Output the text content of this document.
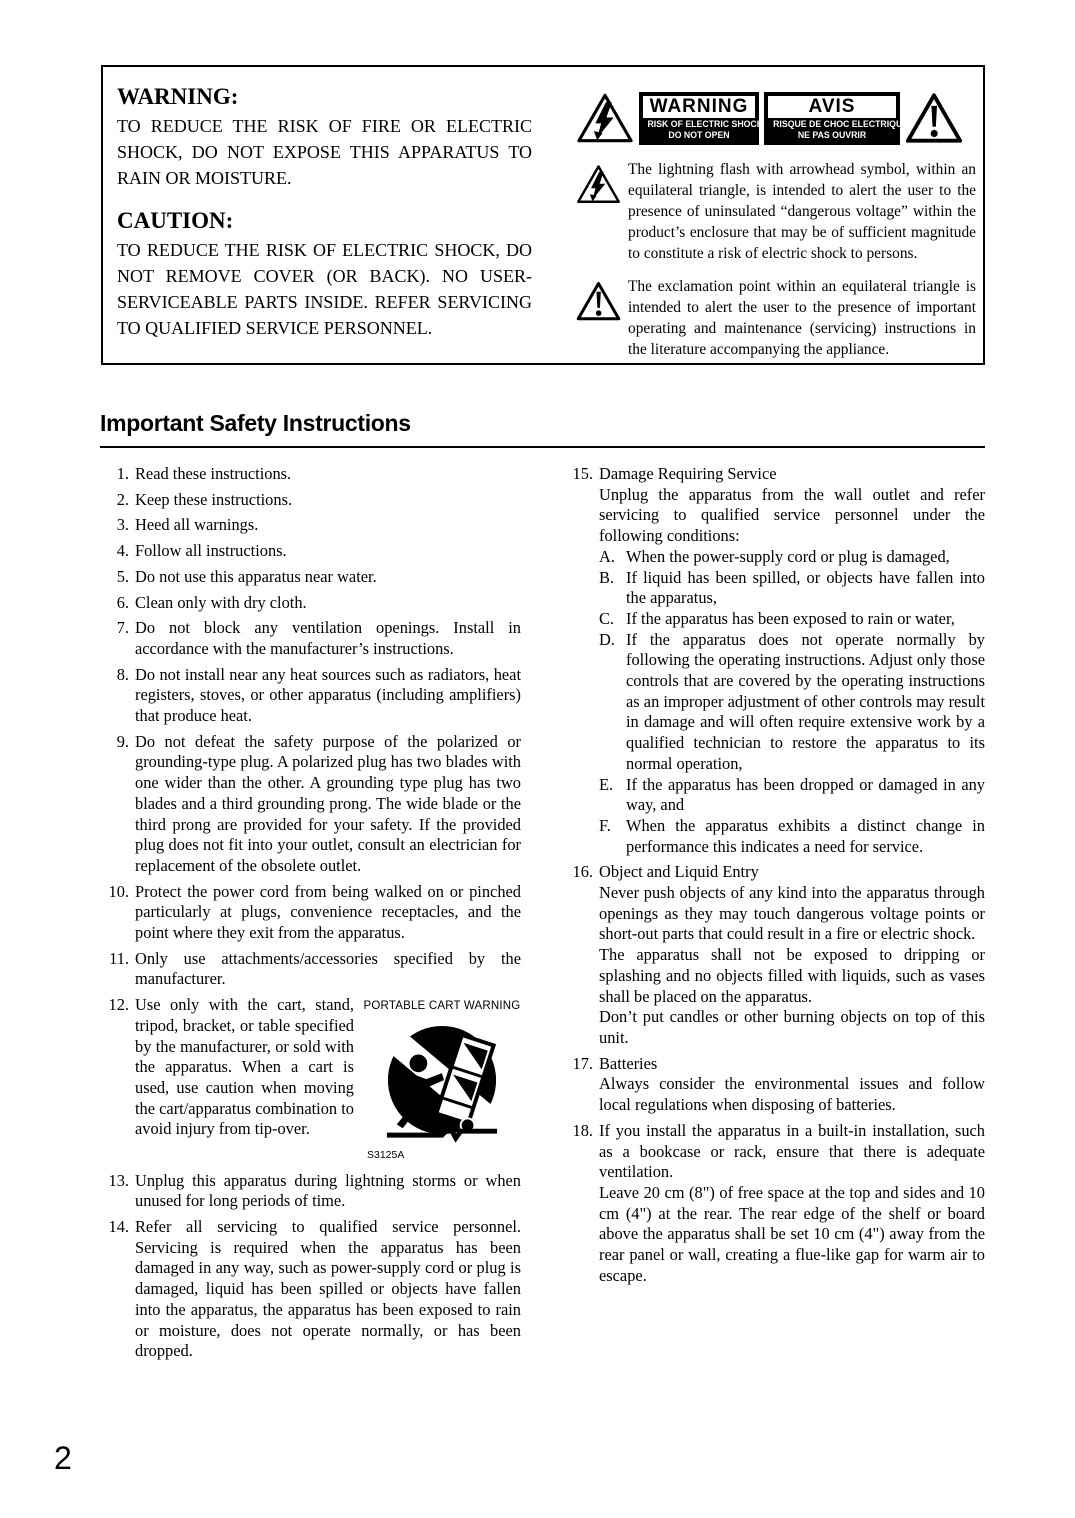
WARNING:

TO REDUCE THE RISK OF FIRE OR ELECTRIC SHOCK, DO NOT EXPOSE THIS APPARATUS TO RAIN OR MOISTURE.

CAUTION:

TO REDUCE THE RISK OF ELECTRIC SHOCK, DO NOT REMOVE COVER (OR BACK). NO USER-SERVICEABLE PARTS INSIDE. REFER SERVICING TO QUALIFIED SERVICE PERSONNEL.

WARNING
RISK OF ELECTRIC SHOCK
DO NOT OPEN
AVIS
RISQUE DE CHOC ELECTRIQUE
NE PAS OUVRIR

The lightning flash with arrowhead symbol, within an equilateral triangle, is intended to alert the user to the presence of uninsulated “dangerous voltage” within the product’s enclosure that may be of sufficient magnitude to constitute a risk of electric shock to persons.

The exclamation point within an equilateral triangle is intended to alert the user to the presence of important operating and maintenance (servicing) instructions in the literature accompanying the appliance.

Important Safety Instructions
1. Read these instructions.
2. Keep these instructions.
3. Heed all warnings.
4. Follow all instructions.
5. Do not use this apparatus near water.
6. Clean only with dry cloth.
7. Do not block any ventilation openings. Install in accordance with the manufacturer’s instructions.
8. Do not install near any heat sources such as radiators, heat registers, stoves, or other apparatus (including amplifiers) that produce heat.
9. Do not defeat the safety purpose of the polarized or grounding-type plug. A polarized plug has two blades with one wider than the other. A grounding type plug has two blades and a third grounding prong. The wide blade or the third prong are provided for your safety. If the provided plug does not fit into your outlet, consult an electrician for replacement of the obsolete outlet.
10. Protect the power cord from being walked on or pinched particularly at plugs, convenience receptacles, and the point where they exit from the apparatus.
11. Only use attachments/accessories specified by the manufacturer.
12. Use only with the cart, stand, tripod, bracket, or table specified by the manufacturer, or sold with the apparatus. When a cart is used, use caution when moving the cart/apparatus combination to avoid injury from tip-over.
PORTABLE CART WARNING
S3125A
13. Unplug this apparatus during lightning storms or when unused for long periods of time.
14. Refer all servicing to qualified service personnel. Servicing is required when the apparatus has been damaged in any way, such as power-supply cord or plug is damaged, liquid has been spilled or objects have fallen into the apparatus, the apparatus has been exposed to rain or moisture, does not operate normally, or has been dropped.
15. Damage Requiring Service
Unplug the apparatus from the wall outlet and refer servicing to qualified service personnel under the following conditions:
A. When the power-supply cord or plug is damaged,
B. If liquid has been spilled, or objects have fallen into the apparatus,
C. If the apparatus has been exposed to rain or water,
D. If the apparatus does not operate normally by following the operating instructions. Adjust only those controls that are covered by the operating instructions as an improper adjustment of other controls may result in damage and will often require extensive work by a qualified technician to restore the apparatus to its normal operation,
E. If the apparatus has been dropped or damaged in any way, and
F. When the apparatus exhibits a distinct change in performance this indicates a need for service.
16. Object and Liquid Entry
Never push objects of any kind into the apparatus through openings as they may touch dangerous voltage points or short-out parts that could result in a fire or electric shock.
The apparatus shall not be exposed to dripping or splashing and no objects filled with liquids, such as vases shall be placed on the apparatus.
Don’t put candles or other burning objects on top of this unit.
17. Batteries
Always consider the environmental issues and follow local regulations when disposing of batteries.
18. If you install the apparatus in a built-in installation, such as a bookcase or rack, ensure that there is adequate ventilation.
Leave 20 cm (8") of free space at the top and sides and 10 cm (4") at the rear. The rear edge of the shelf or board above the apparatus shall be set 10 cm (4") away from the rear panel or wall, creating a flue-like gap for warm air to escape.
2
